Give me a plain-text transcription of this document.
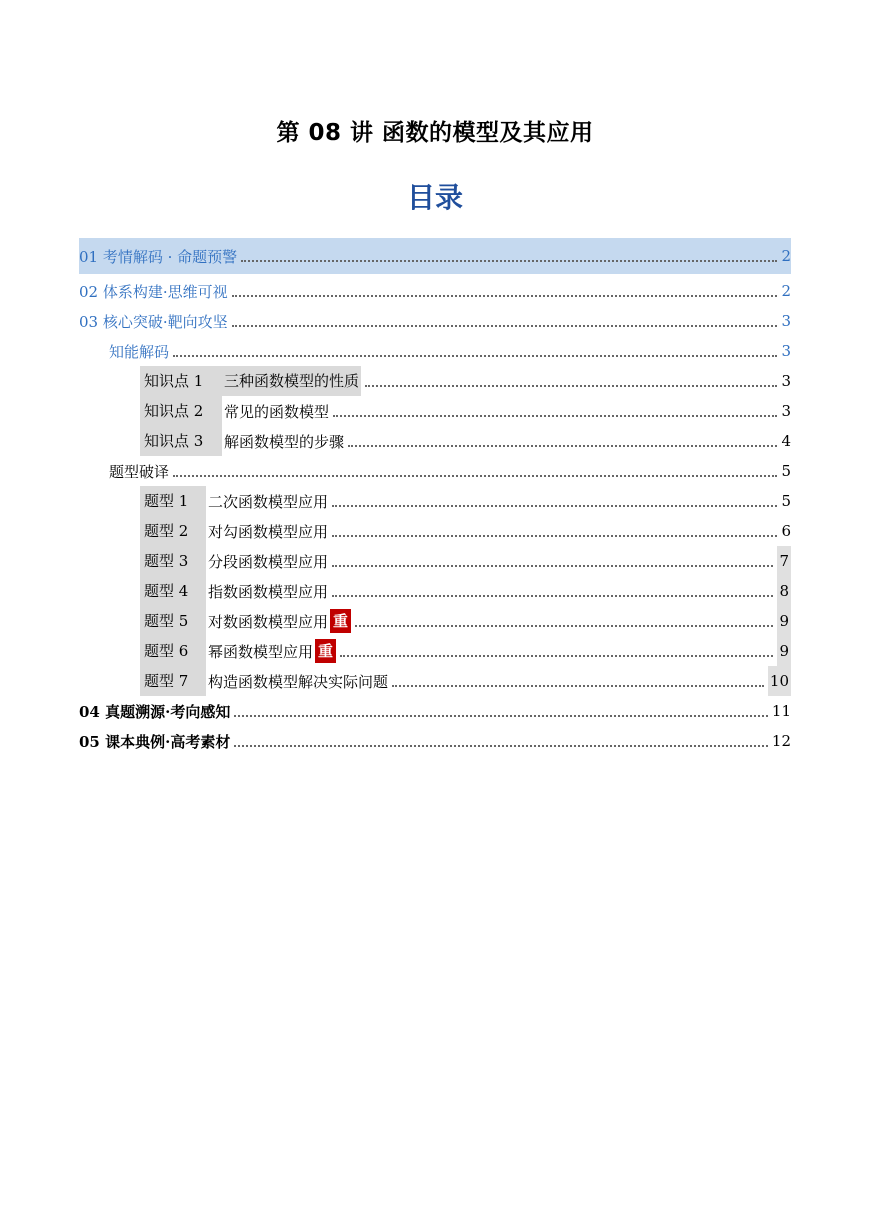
第 08 讲 函数的模型及其应用
目录
01 考情解码 · 命题预警	2
02 体系构建·思维可视	2
03 核心突破·靶向攻坚	3
知能解码	3
知识点 1	三种函数模型的性质	3
知识点 2	常见的函数模型	3
知识点 3	解函数模型的步骤	4
题型破译	5
题型 1	二次函数模型应用	5
题型 2	对勾函数模型应用	6
题型 3	分段函数模型应用	7
题型 4	指数函数模型应用	8
题型 5	对数函数模型应用 重	9
题型 6	幂函数模型应用 重	9
题型 7	构造函数模型解决实际问题	10
04 真题溯源·考向感知	11
05 课本典例·高考素材	12
